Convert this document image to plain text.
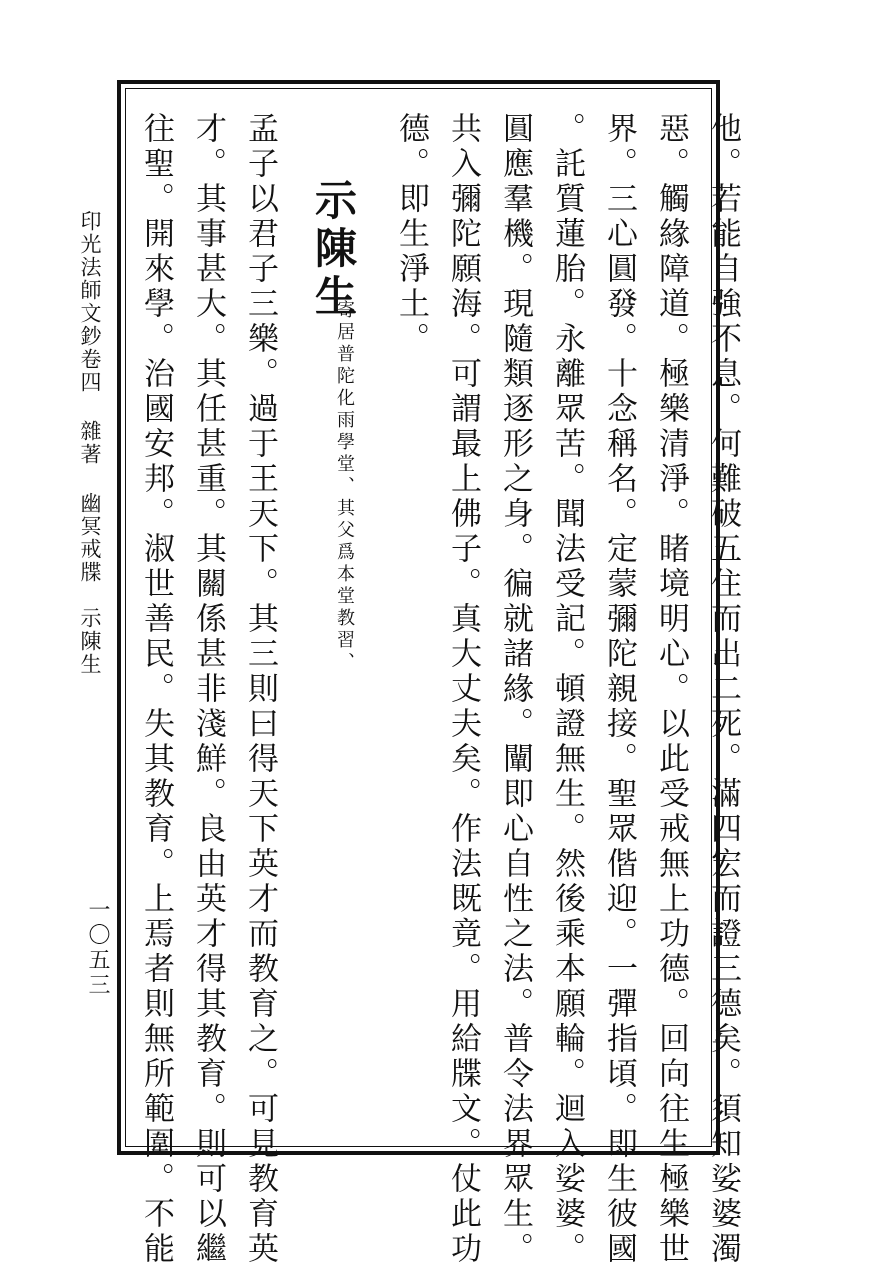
他。若能自強不息。何難破五住而出二死。滿四宏而證三德矣。須知娑婆濁
惡。觸緣障道。極樂清淨。睹境明心。以此受戒無上功德。回向往生極樂世
界。三心圓發。十念稱名。定蒙彌陀親接。聖眾偕迎。一彈指頃。即生彼國
。託質蓮胎。永離眾苦。聞法受記。頓證無生。然後乘本願輪。迴入娑婆。
圓應羣機。現隨類逐形之身。徧就諸緣。闡即心自性之法。普令法界眾生。
共入彌陀願海。可謂最上佛子。真大丈夫矣。作法既竟。用給牒文。仗此功
德。即生淨土。
示陳生
寄居普陀化雨學堂、其父爲本堂教習、
孟子以君子三樂。過于王天下。其三則曰得天下英才而教育之。可見教育英
才。其事甚大。其任甚重。其關係甚非淺鮮。良由英才得其教育。則可以繼
往聖。開來學。治國安邦。淑世善民。失其教育。上焉者則無所範圍。不能
印光法師文鈔卷四雜著幽冥戒牒　示陳生
一〇五三
